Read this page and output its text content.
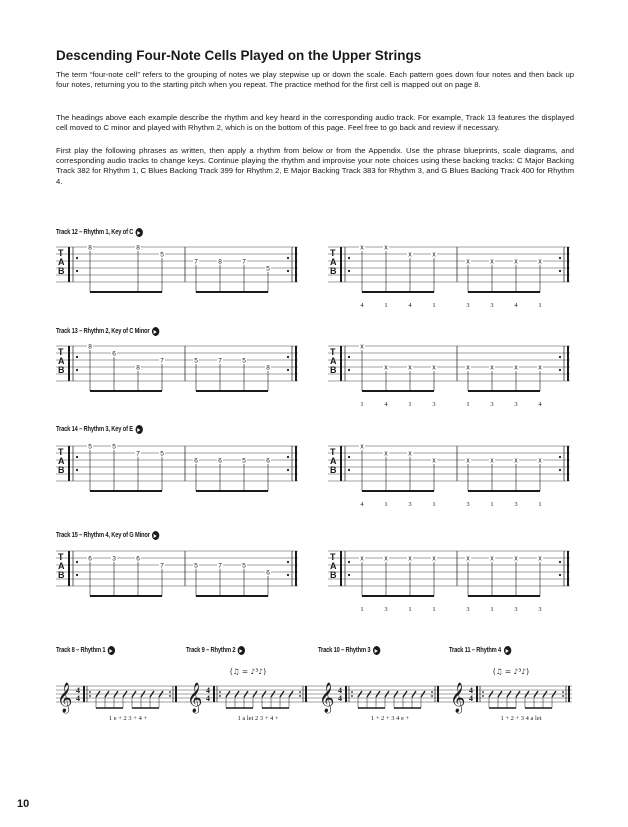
Descending Four-Note Cells Played on the Upper Strings
The term “four-note cell” refers to the grouping of notes we play stepwise up or down the scale. Each pattern goes down four notes and then back up four notes, returning you to the starting pitch when you repeat. The practice method for the first cell is mapped out on page 8.
The headings above each example describe the rhythm and key heard in the corresponding audio track. For example, Track 13 features the displayed cell moved to C minor and played with Rhythm 2, which is on the bottom of this page. Feel free to go back and review if necessary.
First play the following phrases as written, then apply a rhythm from below or from the Appendix. Use the phrase blueprints, scale diagrams, and corresponding audio tracks to change keys. Continue playing the rhythm and improvise your note choices using these backing tracks: C Major Backing Track 382 for Rhythm 1, C Blues Backing Track 399 for Rhythm 2, E Major Backing Track 383 for Rhythm 3, and G Blues Backing Track 400 for Rhythm 4.
Track 12 – Rhythm 1, Key of C
Track 13 – Rhythm 2, Key of C Minor
Track 14 – Rhythm 3, Key of E
Track 15 – Rhythm 4, Key of G Minor
T
A
B
8	8
5
7	8	7
5
T
A
B
x	x
x	x
x	x	x	x
4	1	4	1	3	3	4	1
T
A
B
8
6
8
7	5	7	5
8
T
A
B
x
x	x	x	x	x	x	x
1	4	1	3	1	3	3	4
T
A
B
5	5
7	5
6	6	5	6
T
A
B
x
x	x
x	x	x	x	x
4	1	3	1	3	1	3	1
T
A
B
6	3	6
7	5	7	5
6
T
A
B
x	x	x	x	x	x	x	x
1	3	1	1	3	1	3	3
Track 8 – Rhythm 1	Track 9 – Rhythm 2	Track 10 – Rhythm 3	Track 11 – Rhythm 4
𝄞 4
4
1 e + 2 3 + 4 +
𝄞 4
4
1 a let 2 3 + 4 +
(♫ = ♪³♪)
𝄞 4
4
1 + 2 + 3 4 e +
𝄞 4
4
1 + 2 + 3 4 a let
(♫ = ♪³♪)
10
